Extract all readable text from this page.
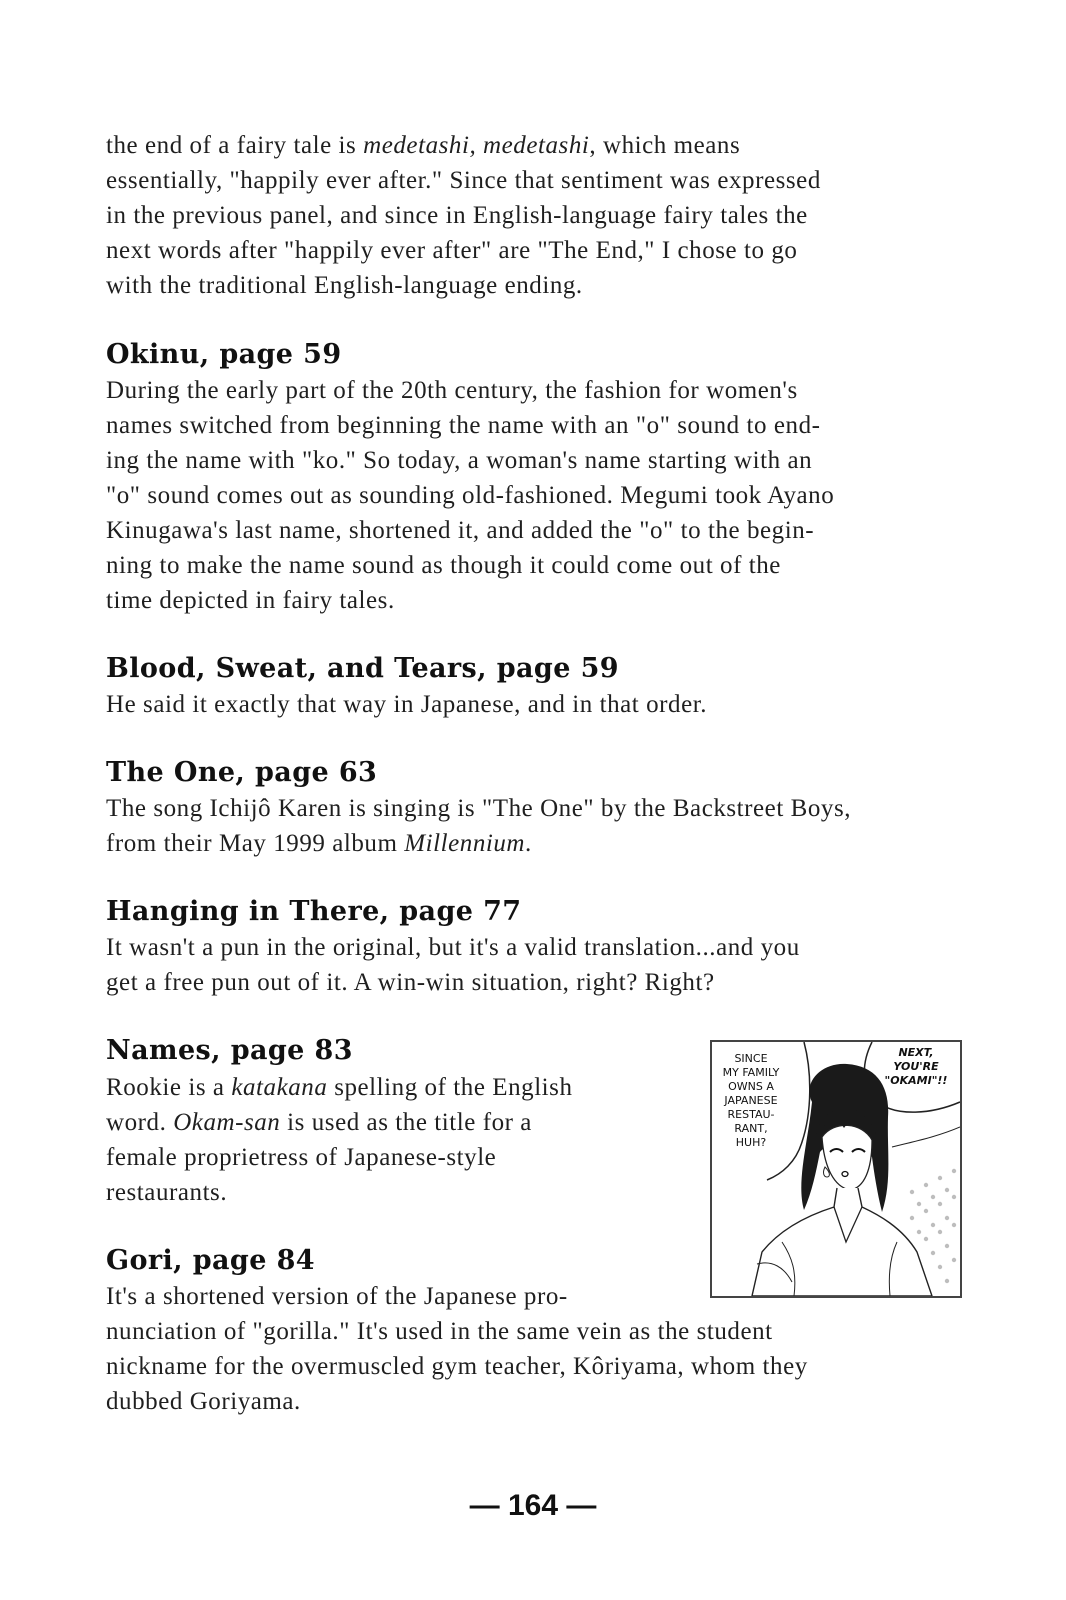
the end of a fairy tale is medetashi, medetashi, which means
essentially, "happily ever after." Since that sentiment was expressed
in the previous panel, and since in English-language fairy tales the
next words after "happily ever after" are "The End," I chose to go
with the traditional English-language ending.

Okinu, page 59

During the early part of the 20th century, the fashion for women's
names switched from beginning the name with an "o" sound to end-
ing the name with "ko." So today, a woman's name starting with an
"o" sound comes out as sounding old-fashioned. Megumi took Ayano
Kinugawa's last name, shortened it, and added the "o" to the begin-
ning to make the name sound as though it could come out of the
time depicted in fairy tales.

Blood, Sweat, and Tears, page 59

He said it exactly that way in Japanese, and in that order.

The One, page 63

The song Ichijô Karen is singing is "The One" by the Backstreet Boys,
from their May 1999 album Millennium.

Hanging in There, page 77

It wasn't a pun in the original, but it's a valid translation...and you
get a free pun out of it. A win-win situation, right? Right?

Names, page 83

Rookie is a katakana spelling of the English
word. Okam-san is used as the title for a
female proprietress of Japanese-style
restaurants.

Gori, page 84

It's a shortened version of the Japanese pro-
nunciation of "gorilla." It's used in the same vein as the student
nickname for the overmuscled gym teacher, Kôriyama, whom they
dubbed Goriyama.

SINCE
MY FAMILY
OWNS A
JAPANESE
RESTAU-
RANT,
HUH?

NEXT,
YOU'RE
"OKAMI"!!

— 164 —
